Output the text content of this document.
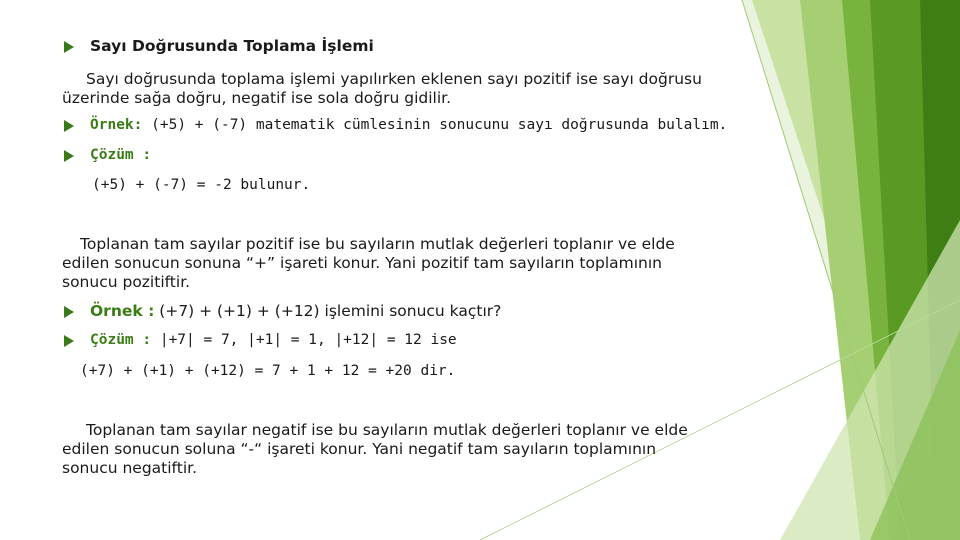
Sayı Doğrusunda Toplama İşlemi
Sayı doğrusunda toplama işlemi yapılırken eklenen sayı pozitif ise sayı doğrusu
üzerinde sağa doğru, negatif ise sola doğru gidilir.
Örnek: (+5) + (-7) matematik cümlesinin sonucunu sayı doğrusunda bulalım.
Çözüm :
(+5) + (-7) = -2 bulunur.
Toplanan tam sayılar pozitif ise bu sayıların mutlak değerleri toplanır ve elde
edilen sonucun sonuna “+” işareti konur. Yani pozitif tam sayıların toplamının
sonucu pozitiftir.
Örnek : (+7) + (+1) + (+12) işlemini sonucu kaçtır?
Çözüm : |+7| = 7, |+1| = 1, |+12| = 12 ise
(+7) + (+1) + (+12) = 7 + 1 + 12 = +20 dir.
Toplanan tam sayılar negatif ise bu sayıların mutlak değerleri toplanır ve elde
edilen sonucun soluna “-“ işareti konur. Yani negatif tam sayıların toplamının
sonucu negatiftir.
